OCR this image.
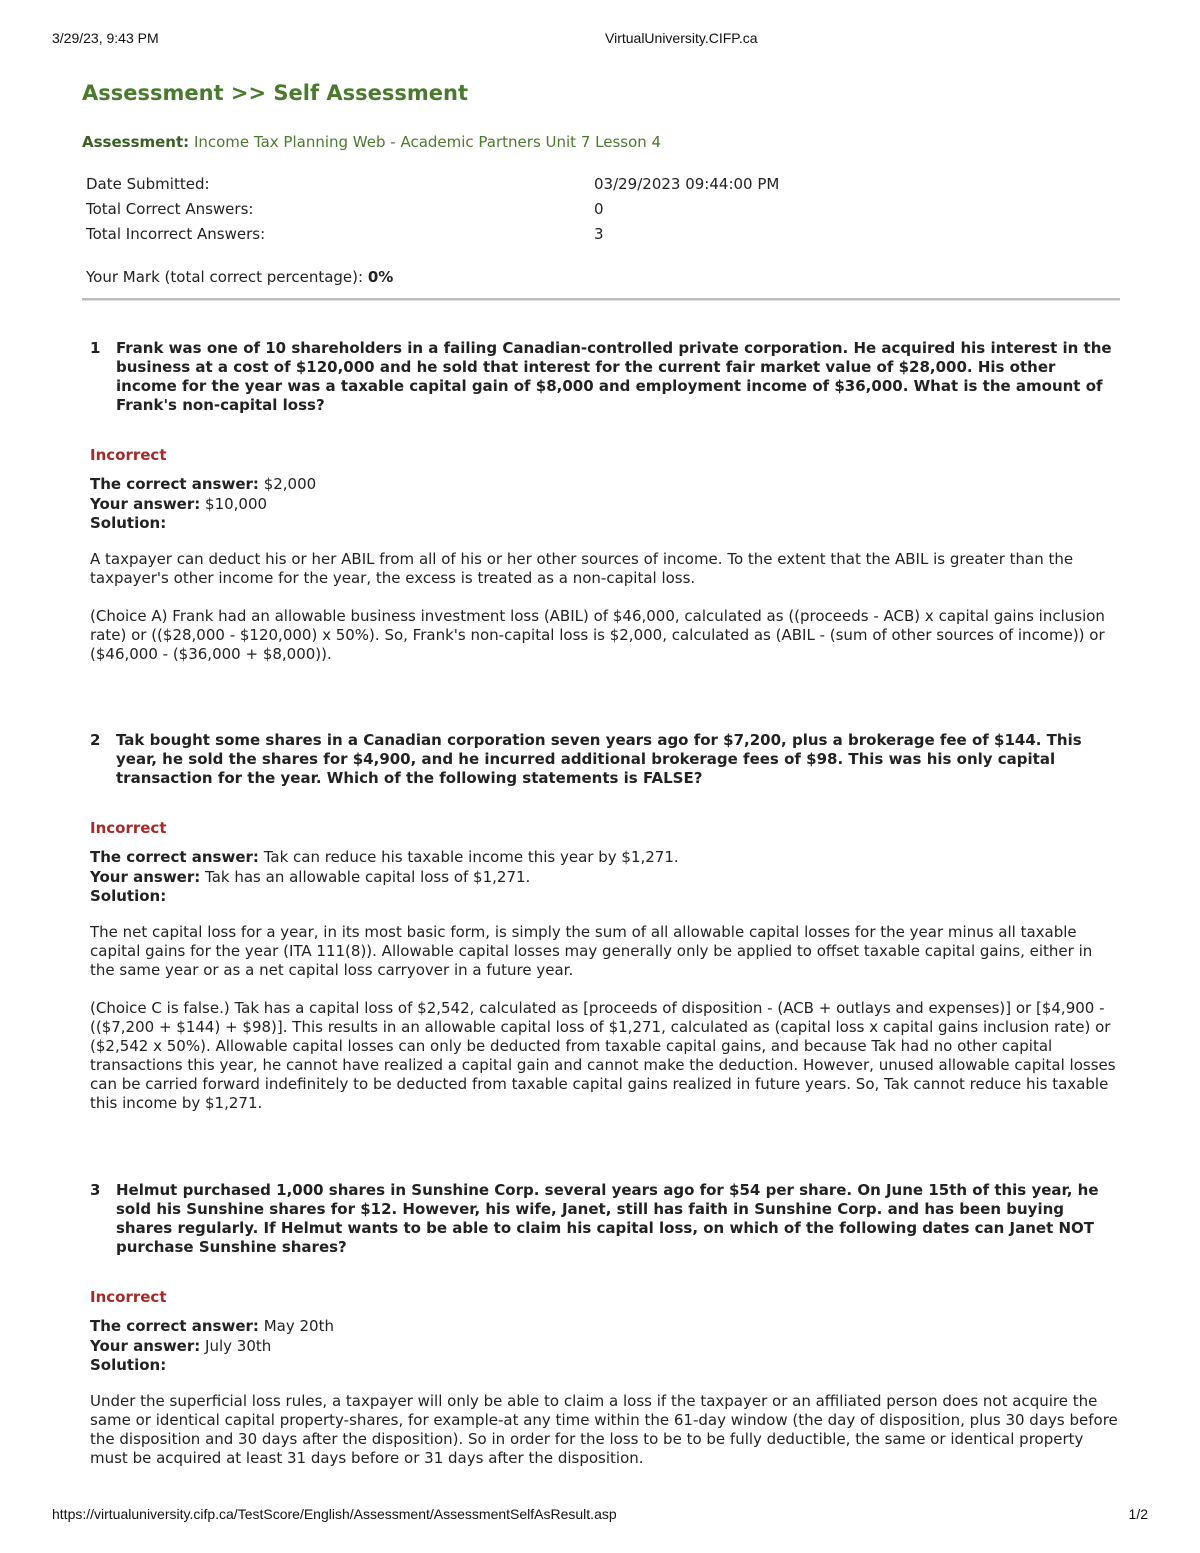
3/29/23, 9:43 PM	VirtualUniversity.CIFP.ca
Assessment >> Self Assessment
Assessment: Income Tax Planning Web - Academic Partners Unit 7 Lesson 4
Date Submitted:	03/29/2023 09:44:00 PM
Total Correct Answers:	0
Total Incorrect Answers:	3
Your Mark (total correct percentage): 0%
1	Frank was one of 10 shareholders in a failing Canadian-controlled private corporation. He acquired his interest in the business at a cost of $120,000 and he sold that interest for the current fair market value of $28,000. His other income for the year was a taxable capital gain of $8,000 and employment income of $36,000. What is the amount of Frank's non-capital loss?
Incorrect
The correct answer: $2,000
Your answer: $10,000
Solution:

A taxpayer can deduct his or her ABIL from all of his or her other sources of income. To the extent that the ABIL is greater than the taxpayer's other income for the year, the excess is treated as a non-capital loss.

(Choice A) Frank had an allowable business investment loss (ABIL) of $46,000, calculated as ((proceeds - ACB) x capital gains inclusion rate) or (($28,000 - $120,000) x 50%). So, Frank's non-capital loss is $2,000, calculated as (ABIL - (sum of other sources of income)) or ($46,000 - ($36,000 + $8,000)).

2	Tak bought some shares in a Canadian corporation seven years ago for $7,200, plus a brokerage fee of $144. This year, he sold the shares for $4,900, and he incurred additional brokerage fees of $98. This was his only capital transaction for the year. Which of the following statements is FALSE?
Incorrect
The correct answer: Tak can reduce his taxable income this year by $1,271.
Your answer: Tak has an allowable capital loss of $1,271.
Solution:

The net capital loss for a year, in its most basic form, is simply the sum of all allowable capital losses for the year minus all taxable capital gains for the year (ITA 111(8)). Allowable capital losses may generally only be applied to offset taxable capital gains, either in the same year or as a net capital loss carryover in a future year.

(Choice C is false.) Tak has a capital loss of $2,542, calculated as [proceeds of disposition - (ACB + outlays and expenses)] or [$4,900 - (($7,200 + $144) + $98)]. This results in an allowable capital loss of $1,271, calculated as (capital loss x capital gains inclusion rate) or ($2,542 x 50%). Allowable capital losses can only be deducted from taxable capital gains, and because Tak had no other capital transactions this year, he cannot have realized a capital gain and cannot make the deduction. However, unused allowable capital losses can be carried forward indefinitely to be deducted from taxable capital gains realized in future years. So, Tak cannot reduce his taxable this income by $1,271.

3	Helmut purchased 1,000 shares in Sunshine Corp. several years ago for $54 per share. On June 15th of this year, he sold his Sunshine shares for $12. However, his wife, Janet, still has faith in Sunshine Corp. and has been buying shares regularly. If Helmut wants to be able to claim his capital loss, on which of the following dates can Janet NOT purchase Sunshine shares?
Incorrect
The correct answer: May 20th
Your answer: July 30th
Solution:

Under the superficial loss rules, a taxpayer will only be able to claim a loss if the taxpayer or an affiliated person does not acquire the same or identical capital property-shares, for example-at any time within the 61-day window (the day of disposition, plus 30 days before the disposition and 30 days after the disposition). So in order for the loss to be to be fully deductible, the same or identical property must be acquired at least 31 days before or 31 days after the disposition.

https://virtualuniversity.cifp.ca/TestScore/English/Assessment/AssessmentSelfAsResult.asp	1/2
